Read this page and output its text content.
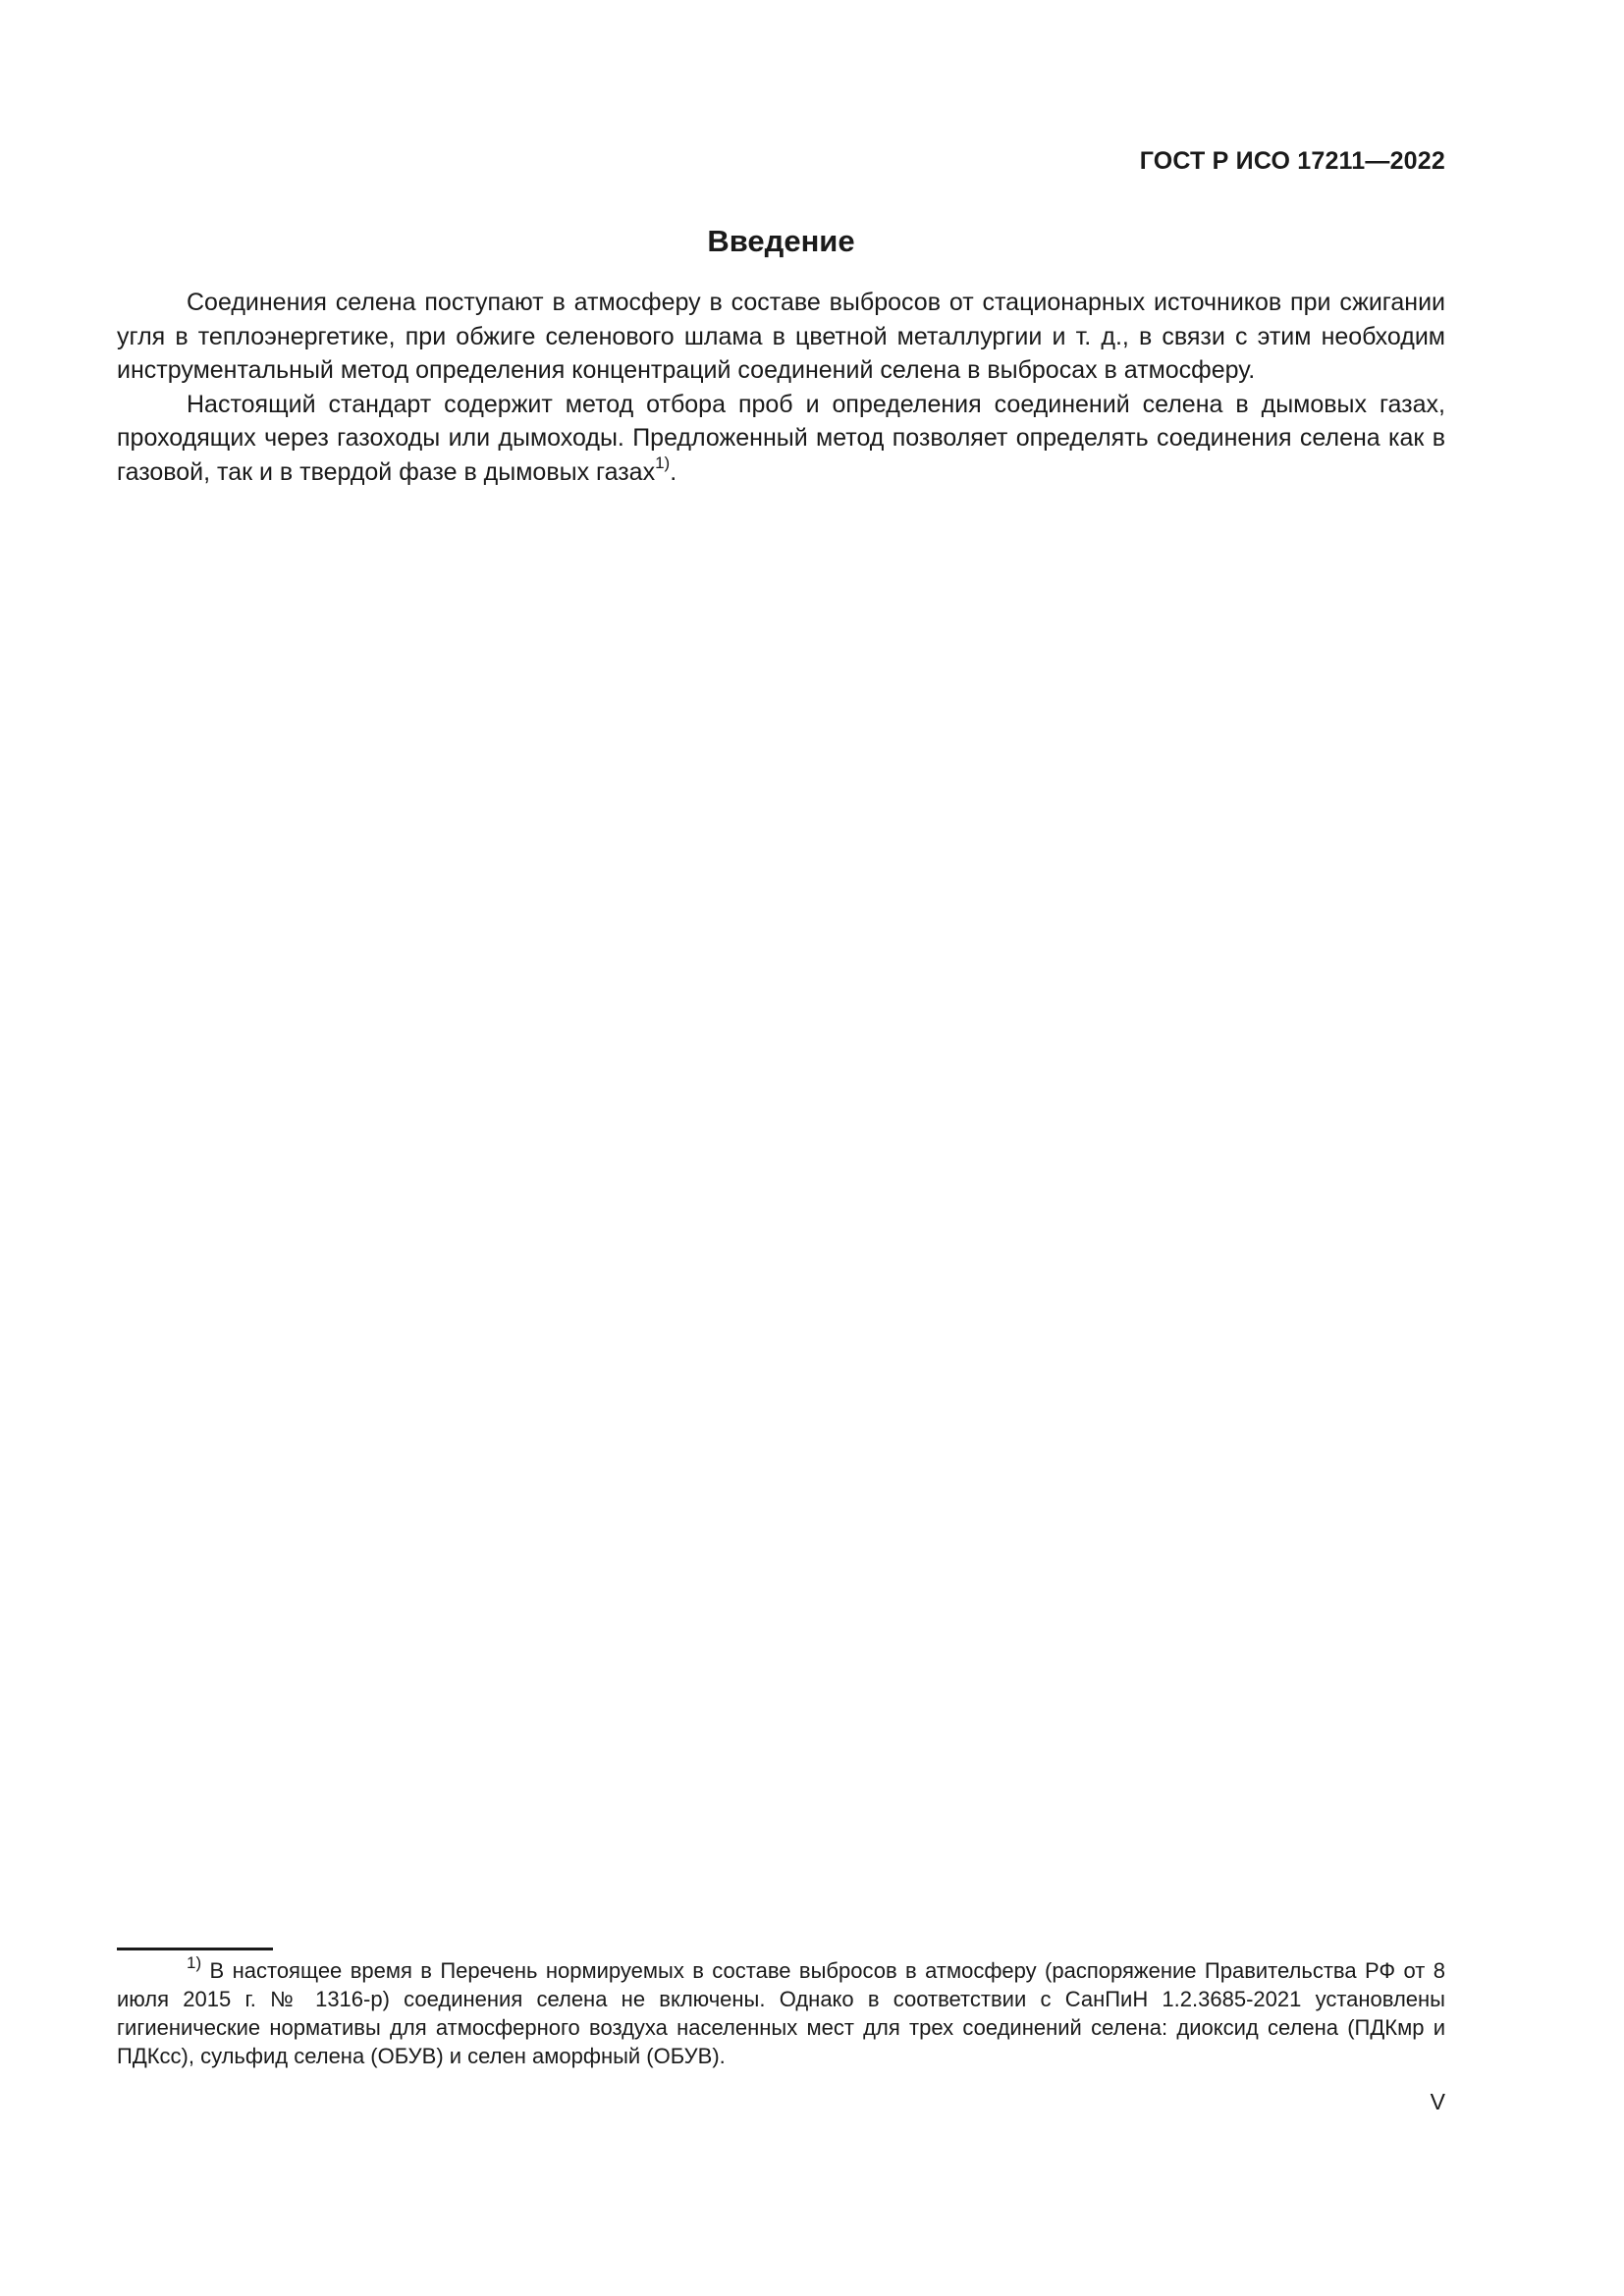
ГОСТ Р ИСО 17211—2022

Введение

Соединения селена поступают в атмосферу в составе выбросов от стационарных источников при сжигании угля в теплоэнергетике, при обжиге селенового шлама в цветной металлургии и т. д., в связи с этим необходим инструментальный метод определения концентраций соединений селена в выбросах в атмосферу.

Настоящий стандарт содержит метод отбора проб и определения соединений селена в дымовых газах, проходящих через газоходы или дымоходы. Предложенный метод позволяет определять соединения селена как в газовой, так и в твердой фазе в дымовых газах$^{1)}$.

$^{1)}$ В настоящее время в Перечень нормируемых в составе выбросов в атмосферу (распоряжение Правительства РФ от 8 июля 2015 г. № 1316-р) соединения селена не включены. Однако в соответствии с СанПиН 1.2.3685-2021 установлены гигиенические нормативы для атмосферного воздуха населенных мест для трех соединений селена: диоксид селена (ПДКмр и ПДКсс), сульфид селена (ОБУВ) и селен аморфный (ОБУВ).

V
